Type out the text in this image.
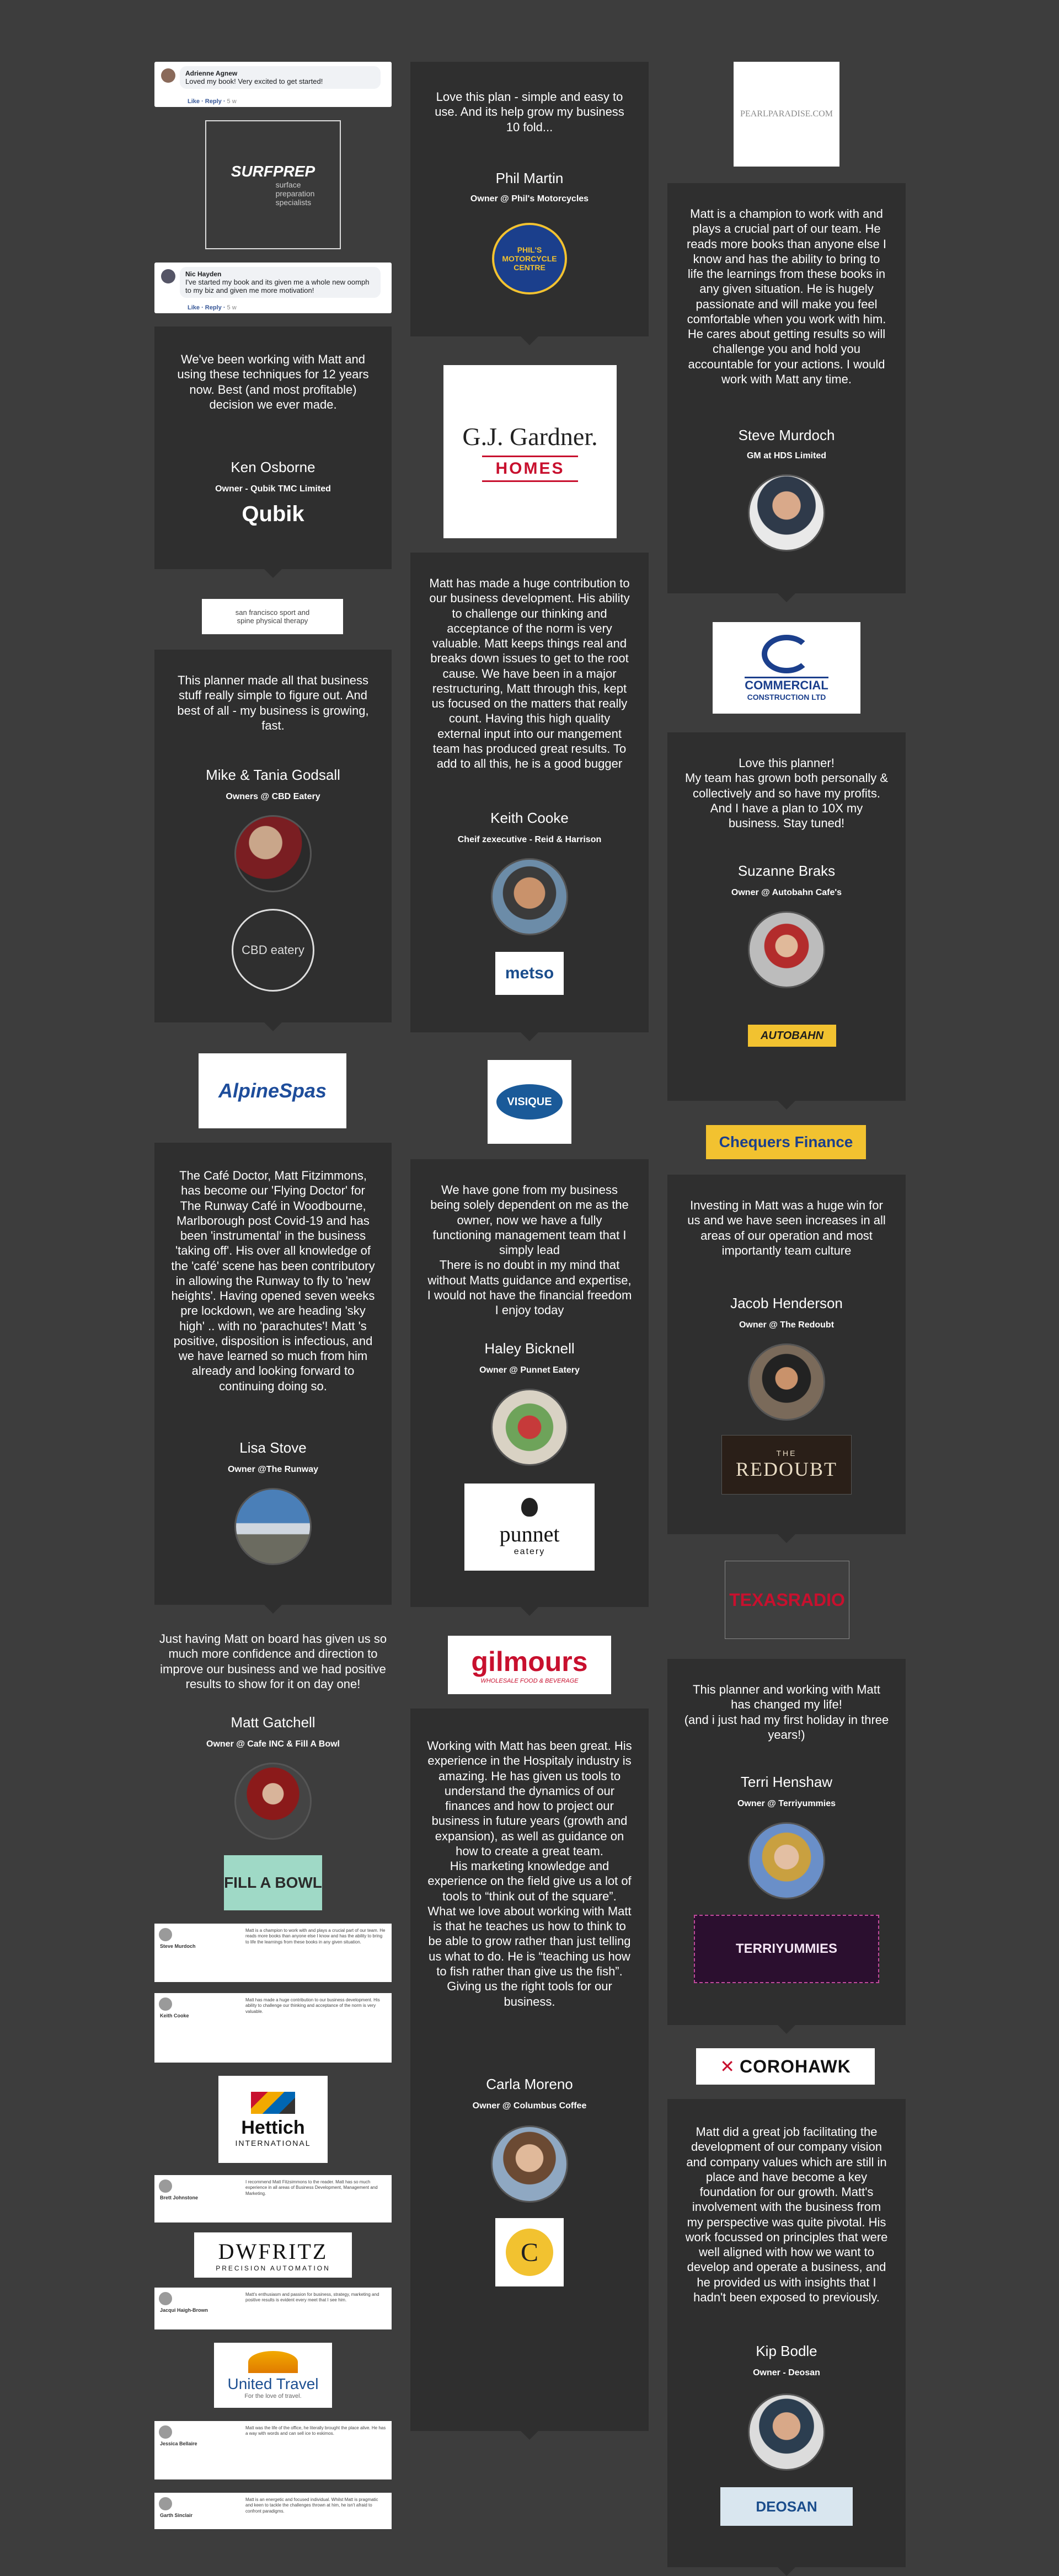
Adrienne Agnew
Loved my book! Very excited to get started!
Like · Reply · 5 w
SURFPREP
surface
preparation
specialists
Nic Hayden
I've started my book and its given me a whole new oomph to my biz and given me more motivation!
Like · Reply · 5 w
We've been working with Matt and using these techniques for 12 years now. Best (and most profitable) decision we ever made.
Ken Osborne
Owner - Qubik TMC Limited
Qubik
san francisco sport and
spine physical therapy
This planner made all that business stuff really simple to figure out. And best of all - my business is growing, fast.
Mike & Tania Godsall
Owners @ CBD Eatery
CBD eatery
AlpineSpas
The Café Doctor, Matt Fitzimmons, has become our 'Flying Doctor' for The Runway Café in Woodbourne, Marlborough post Covid-19 and has been 'instrumental' in the business 'taking off'. His over all knowledge of the 'café' scene has been contributory in allowing the Runway to fly to 'new heights'. Having opened seven weeks pre lockdown, we are heading 'sky high' .. with no 'parachutes'! Matt 's positive, disposition is infectious, and we have learned so much from him already and looking forward to continuing doing so.
Lisa Stove
Owner @The Runway
Just having Matt on board has given us so much more confidence and direction to improve our business and we had positive results to show for it on day one!
Matt Gatchell
Owner @ Cafe INC & Fill A Bowl
FILL A BOWL
Steve Murdoch
Matt is a champion to work with and plays a crucial part of our team. He reads more books than anyone else I know and has the ability to bring to life the learnings from these books in any given situation.
Keith Cooke
Matt has made a huge contribution to our business development. His ability to challenge our thinking and acceptance of the norm is very valuable.
Hettich
INTERNATIONAL
Brett Johnstone
I recommend Matt Fitzsimmons to the reader. Matt has so much experience in all areas of Business Development, Management and Marketing.
DWFRITZ
PRECISION AUTOMATION
Jacqui Haigh-Brown
Matt's enthusiasm and passion for business, strategy, marketing and positive results is evident every meet that I see him.
United Travel
For the love of travel.
Jessica Bellaire
Matt was the life of the office, he literally brought the place alive. He has a way with words and can sell ice to eskimos.
Garth Sinclair
Matt is an energetic and focused individual. Whilst Matt is pragmatic and keen to tackle the challenges thrown at him, he isn't afraid to confront paradigms.
Love this plan - simple and easy to use. And its help grow my business 10 fold...
Phil Martin
Owner @ Phil's Motorcycles
PHIL'S MOTORCYCLE CENTRE
G.J. Gardner.
HOMES
Matt has made a huge contribution to our business development. His ability to challenge our thinking and acceptance of the norm is very valuable. Matt keeps things real and breaks down issues to get to the root cause. We have been in a major restructuring, Matt through this, kept us focused on the matters that really count. Having this high quality external input into our mangement team has produced great results. To add to all this, he is a good bugger
Keith Cooke
Cheif zexecutive - Reid & Harrison
metso
VISIQUE
We have gone from my business being solely dependent on me as the owner, now we have a fully functioning management team that I simply lead
There is no doubt in my mind that without Matts guidance and expertise, I would not have the financial freedom I enjoy today
Haley Bicknell
Owner @ Punnet Eatery
punnet
eatery
gilmours
WHOLESALE FOOD & BEVERAGE
Working with Matt has been great. His experience in the Hospitaly industry is amazing. He has given us tools to understand the dynamics of our finances and how to project our business in future years (growth and expansion), as well as guidance on how to create a great team.
His marketing knowledge and experience on the field give us a lot of tools to “think out of the square”.
What we love about working with Matt is that he teaches us how to think to be able to grow rather than just telling us what to do. He is “teaching us how to fish rather than give us the fish”. Giving us the right tools for our business.
Carla Moreno
Owner @ Columbus Coffee
C
PEARLPARADISE.COM
Matt is a champion to work with and plays a crucial part of our team. He reads more books than anyone else I know and has the ability to bring to life the learnings from these books in any given situation. He is hugely passionate and will make you feel comfortable when you work with him. He cares about getting results so will challenge you and hold you accountable for your actions. I would work with Matt any time.
Steve Murdoch
GM at HDS Limited
COMMERCIAL
CONSTRUCTION LTD
Love this planner!
My team has grown both personally & collectively and so have my profits. And I have a plan to 10X my business. Stay tuned!
Suzanne Braks
Owner @ Autobahn Cafe's
AUTOBAHN
Chequers Finance
Investing in Matt was a huge win for us and we have seen increases in all areas of our operation and most importantly team culture
Jacob Henderson
Owner @ The Redoubt
THE
REDOUBT
TEXASRADIO
This planner and working with Matt has changed my life!
(and i just had my first holiday in three years!)
Terri Henshaw
Owner @ Terriyummies
TERRIYUMMIES
✕ COROHAWK
Matt did a great job facilitating the development of our company vision and company values which are still in place and have become a key foundation for our growth. Matt's involvement with the business from my perspective was quite pivotal. His work focussed on principles that were well aligned with how we want to develop and operate a business, and he provided us with insights that I hadn't been exposed to previously.
Kip Bodle
Owner - Deosan
DEOSAN
